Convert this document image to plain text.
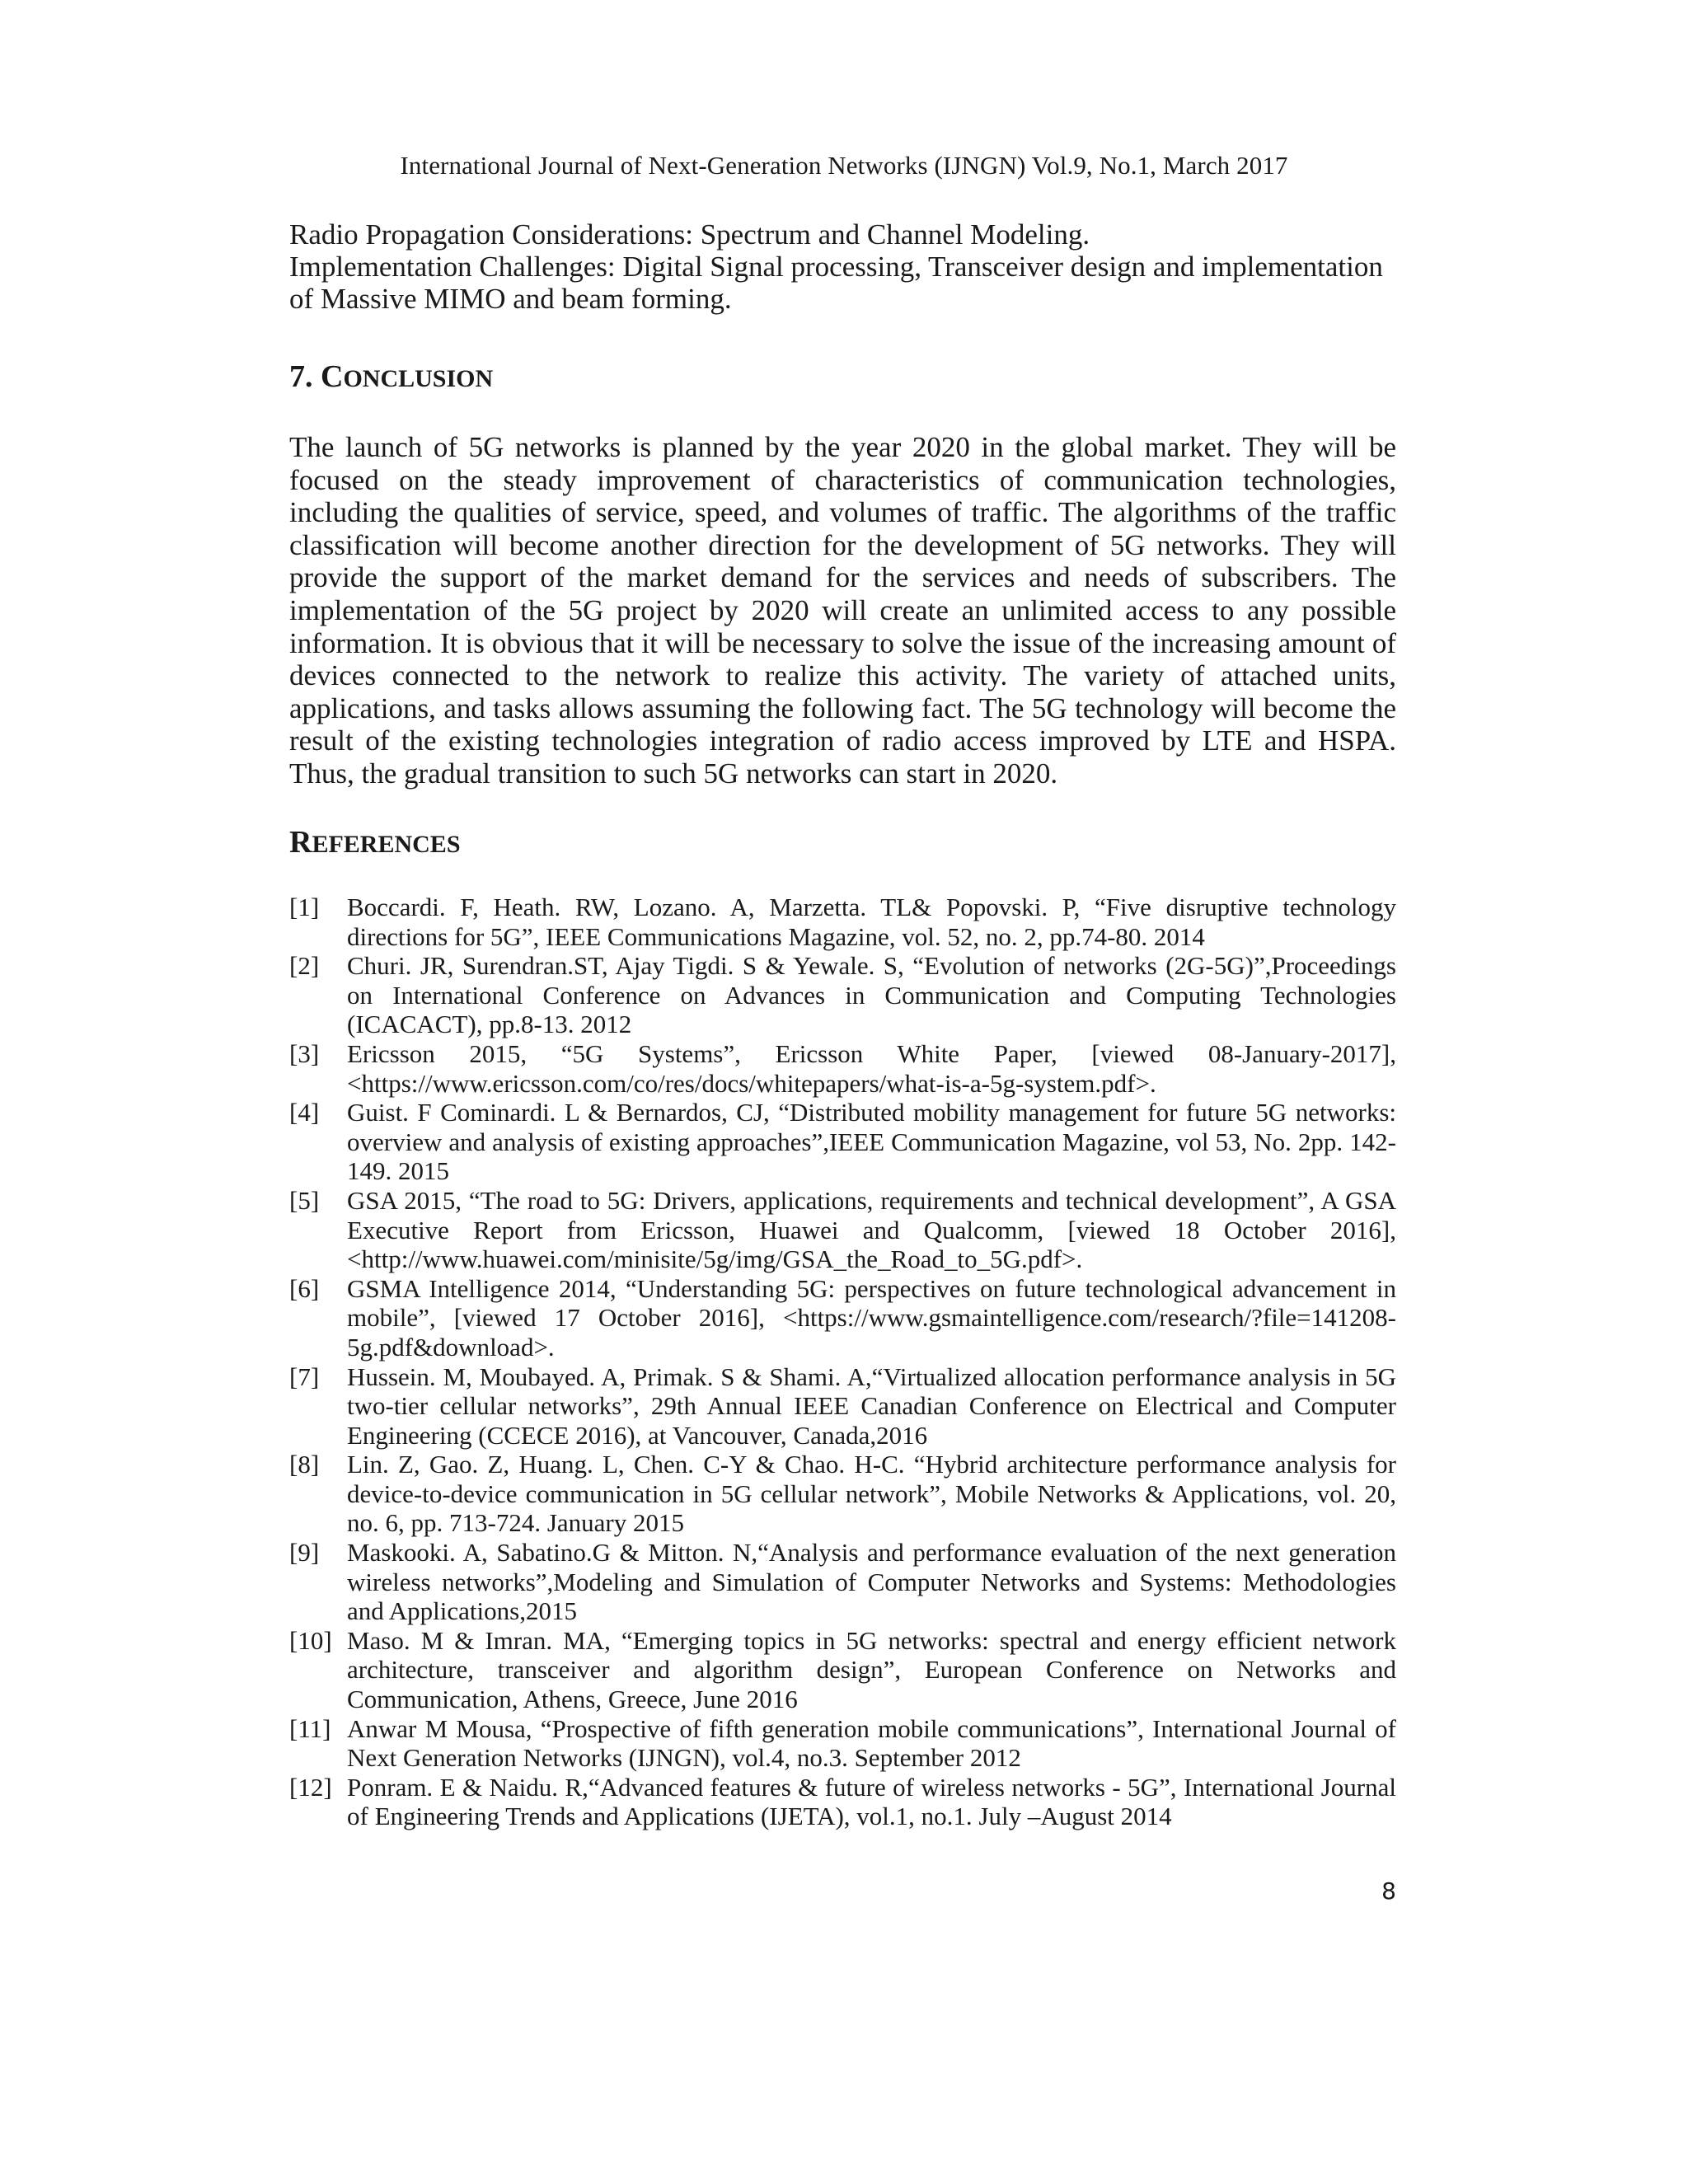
International Journal of Next-Generation Networks (IJNGN) Vol.9, No.1, March 2017

Radio Propagation Considerations: Spectrum and Channel Modeling.

Implementation Challenges: Digital Signal processing, Transceiver design and implementation of Massive MIMO and beam forming.

7. CONCLUSION

The launch of 5G networks is planned by the year 2020 in the global market. They will be focused on the steady improvement of characteristics of communication technologies, including the qualities of service, speed, and volumes of traffic. The algorithms of the traffic classification will become another direction for the development of 5G networks. They will provide the support of the market demand for the services and needs of subscribers. The implementation of the 5G project by 2020 will create an unlimited access to any possible information. It is obvious that it will be necessary to solve the issue of the increasing amount of devices connected to the network to realize this activity. The variety of attached units, applications, and tasks allows assuming the following fact. The 5G technology will become the result of the existing technologies integration of radio access improved by LTE and HSPA. Thus, the gradual transition to such 5G networks can start in 2020.

REFERENCES
[1]	Boccardi. F, Heath. RW, Lozano. A, Marzetta. TL& Popovski. P, “Five disruptive technology directions for 5G”, IEEE Communications Magazine, vol. 52, no. 2, pp.74-80. 2014
[2]	Churi. JR, Surendran.ST, Ajay Tigdi. S & Yewale. S, “Evolution of networks (2G-5G)”,Proceedings on International Conference on Advances in Communication and Computing Technologies (ICACACT), pp.8-13. 2012
[3]	Ericsson 2015, “5G Systems”, Ericsson White Paper, [viewed 08-January-2017],<https://www.ericsson.com/co/res/docs/whitepapers/what-is-a-5g-system.pdf>.
[4]	Guist. F Cominardi. L & Bernardos, CJ, “Distributed mobility management for future 5G networks: overview and analysis of existing approaches”,IEEE Communication Magazine, vol 53, No. 2pp. 142-149. 2015
[5]	GSA 2015, “The road to 5G: Drivers, applications, requirements and technical development”, A GSA Executive Report from Ericsson, Huawei and Qualcomm, [viewed 18 October 2016], <http://www.huawei.com/minisite/5g/img/GSA_the_Road_to_5G.pdf>.
[6]	GSMA Intelligence 2014, “Understanding 5G: perspectives on future technological advancement in mobile”, [viewed 17 October 2016], <https://www.gsmaintelligence.com/research/?file=141208-5g.pdf&download>.
[7]	Hussein. M, Moubayed. A, Primak. S & Shami. A,“Virtualized allocation performance analysis in 5G two-tier cellular networks”, 29th Annual IEEE Canadian Conference on Electrical and Computer Engineering (CCECE 2016), at Vancouver, Canada,2016
[8]	Lin. Z, Gao. Z, Huang. L, Chen. C-Y & Chao. H-C. “Hybrid architecture performance analysis for device-to-device communication in 5G cellular network”, Mobile Networks & Applications, vol. 20, no. 6, pp. 713-724. January 2015
[9]	Maskooki. A, Sabatino.G & Mitton. N,“Analysis and performance evaluation of the next generation wireless networks”,Modeling and Simulation of Computer Networks and Systems: Methodologies and Applications,2015
[10] Maso. M & Imran. MA, “Emerging topics in 5G networks: spectral and energy efficient network architecture, transceiver and algorithm design”, European Conference on Networks and Communication, Athens, Greece, June 2016
[11] Anwar M Mousa, “Prospective of fifth generation mobile communications”, International Journal of Next Generation Networks (IJNGN), vol.4, no.3. September 2012
[12] Ponram. E & Naidu. R,“Advanced features & future of wireless networks - 5G”, International Journal of Engineering Trends and Applications (IJETA), vol.1, no.1. July –August 2014
8
